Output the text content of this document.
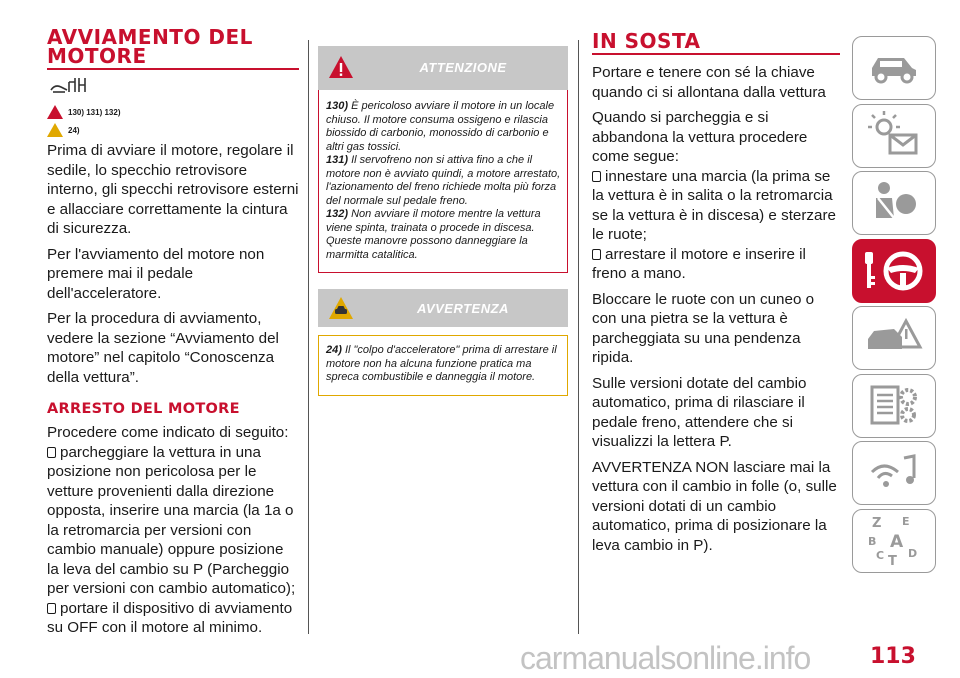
AVVIAMENTO DEL
MOTORE
130) 131) 132)
24)

Prima di avviare il motore, regolare il sedile, lo specchio retrovisore interno, gli specchi retrovisore esterni e allacciare correttamente la cintura di sicurezza.

Per l'avviamento del motore non premere mai il pedale dell'acceleratore.

Per la procedura di avviamento, vedere la sezione “Avviamento del motore” nel capitolo “Conoscenza della vettura”.

ARRESTO DEL MOTORE

Procedere come indicato di seguito:

parcheggiare la vettura in una posizione non pericolosa per le vetture provenienti dalla direzione opposta, inserire una marcia (la 1a o la retromarcia per versioni con cambio manuale) oppure posizione la leva del cambio su P (Parcheggio per versioni con cambio automatico);

portare il dispositivo di avviamento su OFF con il motore al minimo.

ATTENZIONE
130) È pericoloso avviare il motore in un locale chiuso. Il motore consuma ossigeno e rilascia biossido di carbonio, monossido di carbonio e altri gas tossici.
131) Il servofreno non si attiva fino a che il motore non è avviato quindi, a motore arrestato, l'azionamento del freno richiede molta più forza del normale sul pedale freno.
132) Non avviare il motore mentre la vettura viene spinta, trainata o procede in discesa. Queste manovre possono danneggiare la marmitta catalitica.
AVVERTENZA
24) Il "colpo d'acceleratore" prima di arrestare il motore non ha alcuna funzione pratica ma spreca combustibile e danneggia il motore.
IN SOSTA

Portare e tenere con sé la chiave quando ci si allontana dalla vettura

Quando si parcheggia e si abbandona la vettura procedere come segue:

innestare una marcia (la prima se la vettura è in salita o la retromarcia se la vettura è in discesa) e sterzare le ruote;

arrestare il motore e inserire il freno a mano.

Bloccare le ruote con un cuneo o con una pietra se la vettura è parcheggiata su una pendenza ripida.

Sulle versioni dotate del cambio automatico, prima di rilasciare il pedale freno, attendere che si visualizzi la lettera P.

AVVERTENZA NON lasciare mai la vettura con il cambio in folle (o, sulle versioni dotati di un cambio automatico, prima di posizionare la leva cambio in P).

Z E
B A
C T
D
carmanualsonline.info	113
